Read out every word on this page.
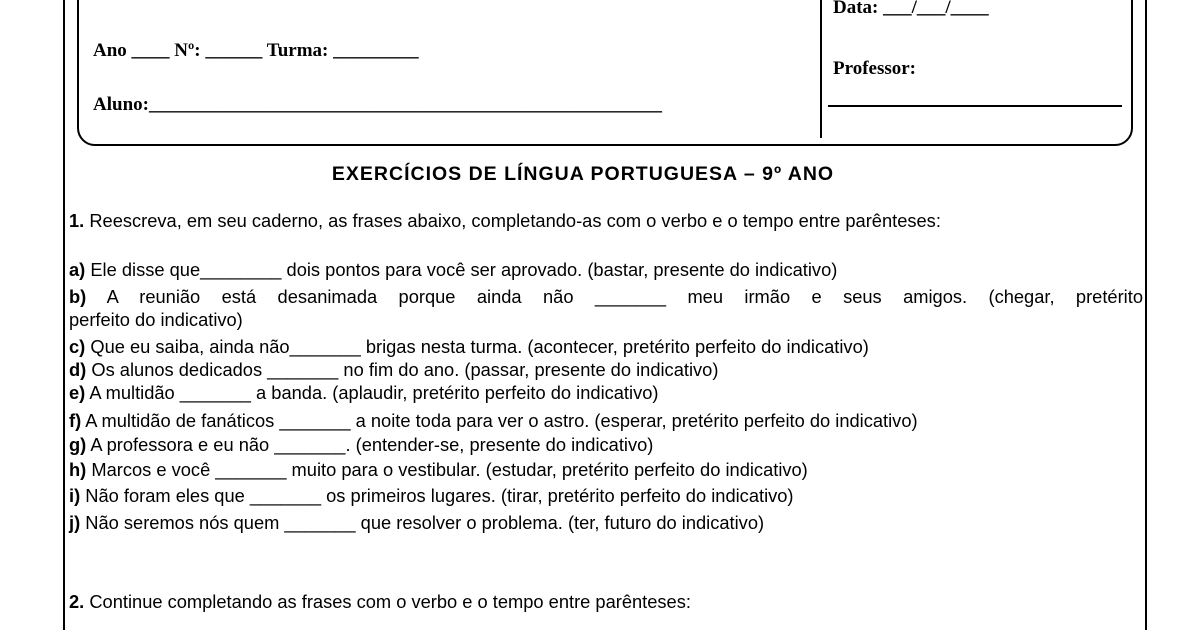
Data: ___/___/____
Ano ____ Nº: ______ Turma: _________
Professor:
Aluno:______________________________________________________
EXERCÍCIOS DE LÍNGUA PORTUGUESA – 9º ANO
1. Reescreva, em seu caderno, as frases abaixo, completando-as com o verbo e o tempo entre parênteses:
a) Ele disse que________ dois pontos para você ser aprovado. (bastar, presente do indicativo)
b) A reunião está desanimada porque ainda não _______ meu irmão e seus amigos. (chegar, pretérito
perfeito do indicativo)
c) Que eu saiba, ainda não_______ brigas nesta turma. (acontecer, pretérito perfeito do indicativo)
d) Os alunos dedicados _______ no fim do ano. (passar, presente do indicativo)
e) A multidão _______ a banda. (aplaudir, pretérito perfeito do indicativo)
f) A multidão de fanáticos _______ a noite toda para ver o astro. (esperar, pretérito perfeito do indicativo)
g) A professora e eu não _______. (entender-se, presente do indicativo)
h) Marcos e você _______ muito para o vestibular. (estudar, pretérito perfeito do indicativo)
i) Não foram eles que _______ os primeiros lugares. (tirar, pretérito perfeito do indicativo)
j) Não seremos nós quem _______ que resolver o problema. (ter, futuro do indicativo)
2. Continue completando as frases com o verbo e o tempo entre parênteses:
